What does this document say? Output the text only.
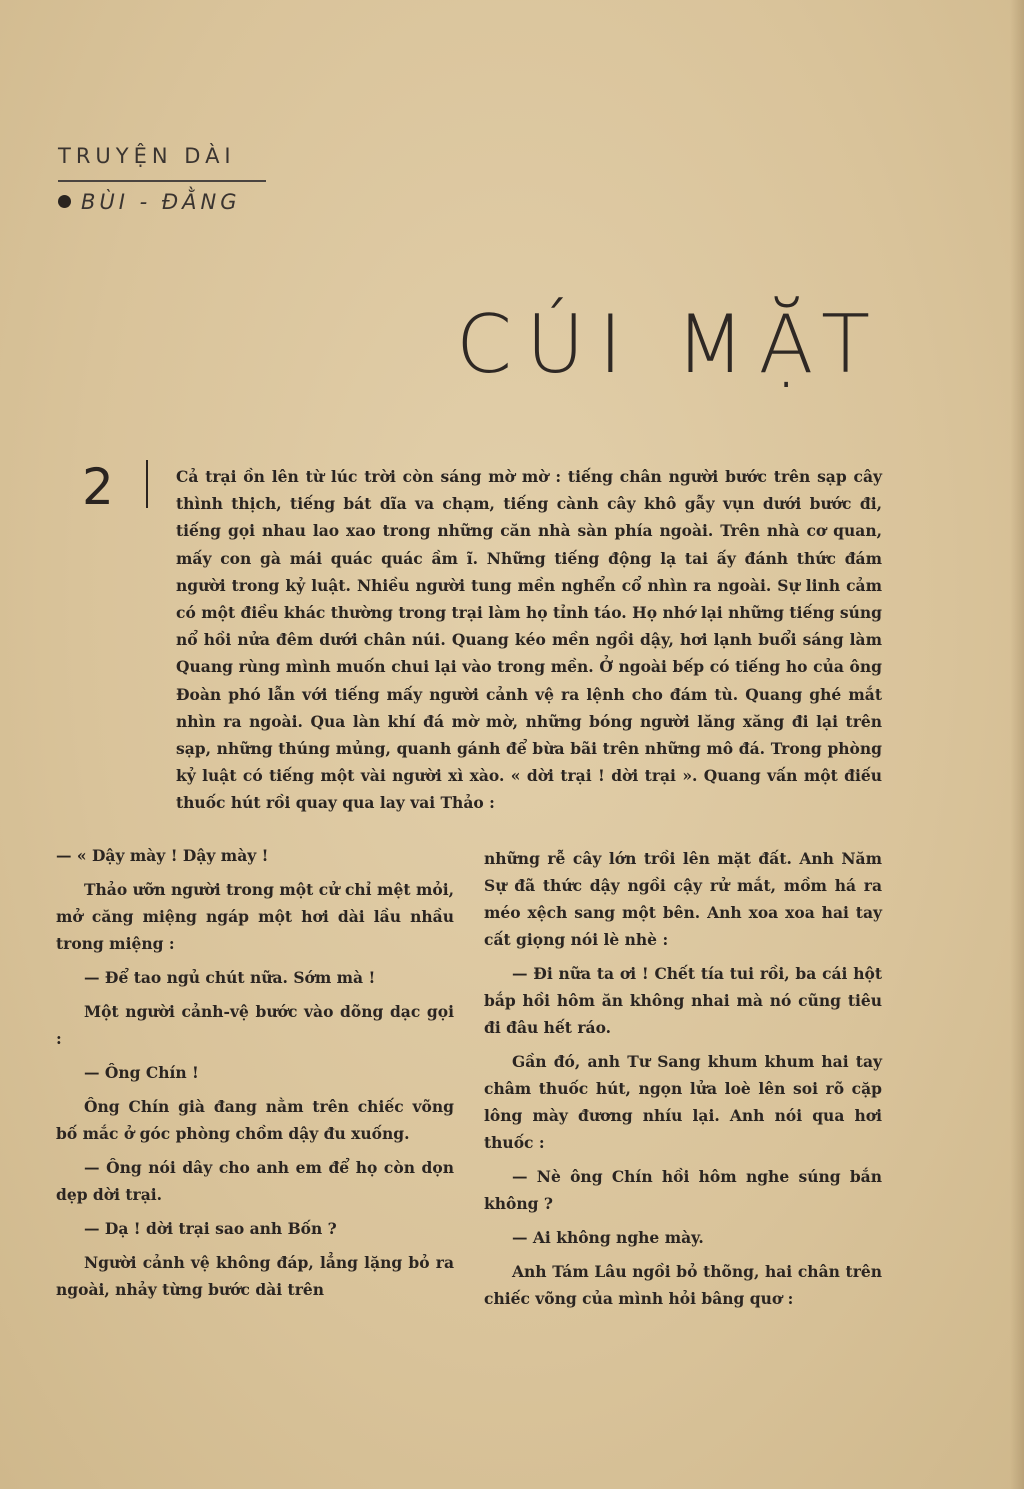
TRUYỆN DÀI
BÙI - ĐẰNG
CÚI MẶT
2	Cả trại ồn lên từ lúc trời còn sáng mờ mờ : tiếng chân người bước trên sạp cây thình thịch, tiếng bát dĩa va chạm, tiếng cành cây khô gẫy vụn dưới bước đi, tiếng gọi nhau lao xao trong những căn nhà sàn phía ngoài. Trên nhà cơ quan, mấy con gà mái quác quác ầm ĩ. Những tiếng động lạ tai ấy đánh thức đám người trong kỷ luật. Nhiều người tung mền nghển cổ nhìn ra ngoài. Sự linh cảm có một điều khác thường trong trại làm họ tỉnh táo. Họ nhớ lại những tiếng súng nổ hồi nửa đêm dưới chân núi. Quang kéo mền ngồi dậy, hơi lạnh buổi sáng làm Quang rùng mình muốn chui lại vào trong mền. Ở ngoài bếp có tiếng ho của ông Đoàn phó lẫn với tiếng mấy người cảnh vệ ra lệnh cho đám tù. Quang ghé mắt nhìn ra ngoài. Qua làn khí đá mờ mờ, những bóng người lăng xăng đi lại trên sạp, những thúng mủng, quanh gánh để bừa bãi trên những mô đá. Trong phòng kỷ luật có tiếng một vài người xì xào. « dời trại ! dời trại ». Quang vấn một điếu thuốc hút rồi quay qua lay vai Thảo :

— « Dậy mày ! Dậy mày !

Thảo ưỡn người trong một cử chỉ mệt mỏi, mở căng miệng ngáp một hơi dài lầu nhầu trong miệng :

— Để tao ngủ chút nữa. Sớm mà !

Một người cảnh-vệ bước vào dõng dạc gọi :

— Ông Chín !

Ông Chín già đang nằm trên chiếc võng bố mắc ở góc phòng chồm dậy đu xuống.

— Ông nói dây cho anh em để họ còn dọn dẹp dời trại.

— Dạ ! dời trại sao anh Bốn ?

Người cảnh vệ không đáp, lẳng lặng bỏ ra ngoài, nhảy từng bước dài trên

những rễ cây lớn trồi lên mặt đất. Anh Năm Sự đã thức dậy ngồi cậy rử mắt, mồm há ra méo xệch sang một bên. Anh xoa xoa hai tay cất giọng nói lè nhè :

— Đi nữa ta ơi ! Chết tía tui rồi, ba cái hột bắp hồi hôm ăn không nhai mà nó cũng tiêu đi đâu hết ráo.

Gần đó, anh Tư Sang khum khum hai tay châm thuốc hút, ngọn lửa loè lên soi rõ cặp lông mày đương nhíu lại. Anh nói qua hơi thuốc :

— Nè ông Chín hồi hôm nghe súng bắn không ?

— Ai không nghe mày.

Anh Tám Lâu ngồi bỏ thõng, hai chân trên chiếc võng của mình hỏi bâng quơ :
